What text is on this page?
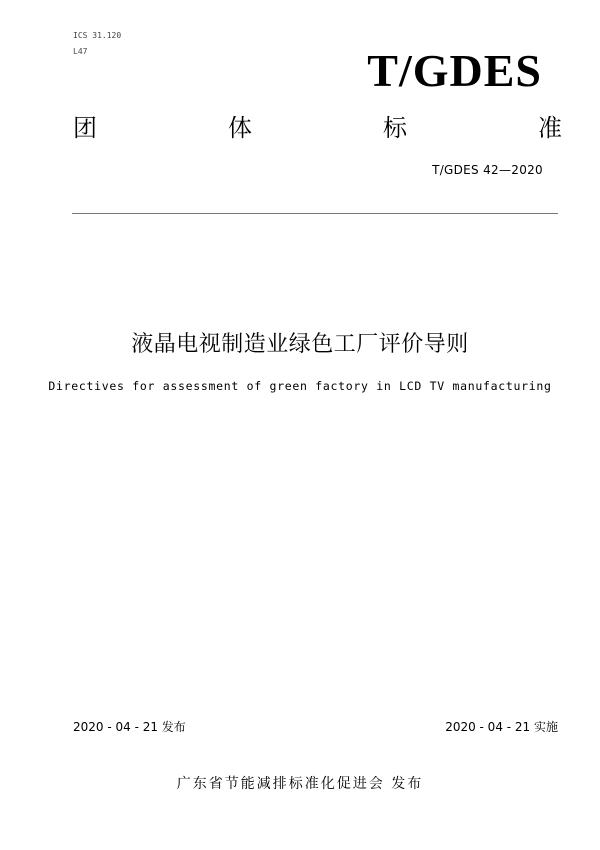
ICS 31.120
L47	T/GDES
团	体	标	准
T/GDES 42—2020
液晶电视制造业绿色工厂评价导则
Directives for assessment of green factory in LCD TV manufacturing
2020 - 04 - 21 发布	2020 - 04 - 21 实施
广东省节能减排标准化促进会 发布
